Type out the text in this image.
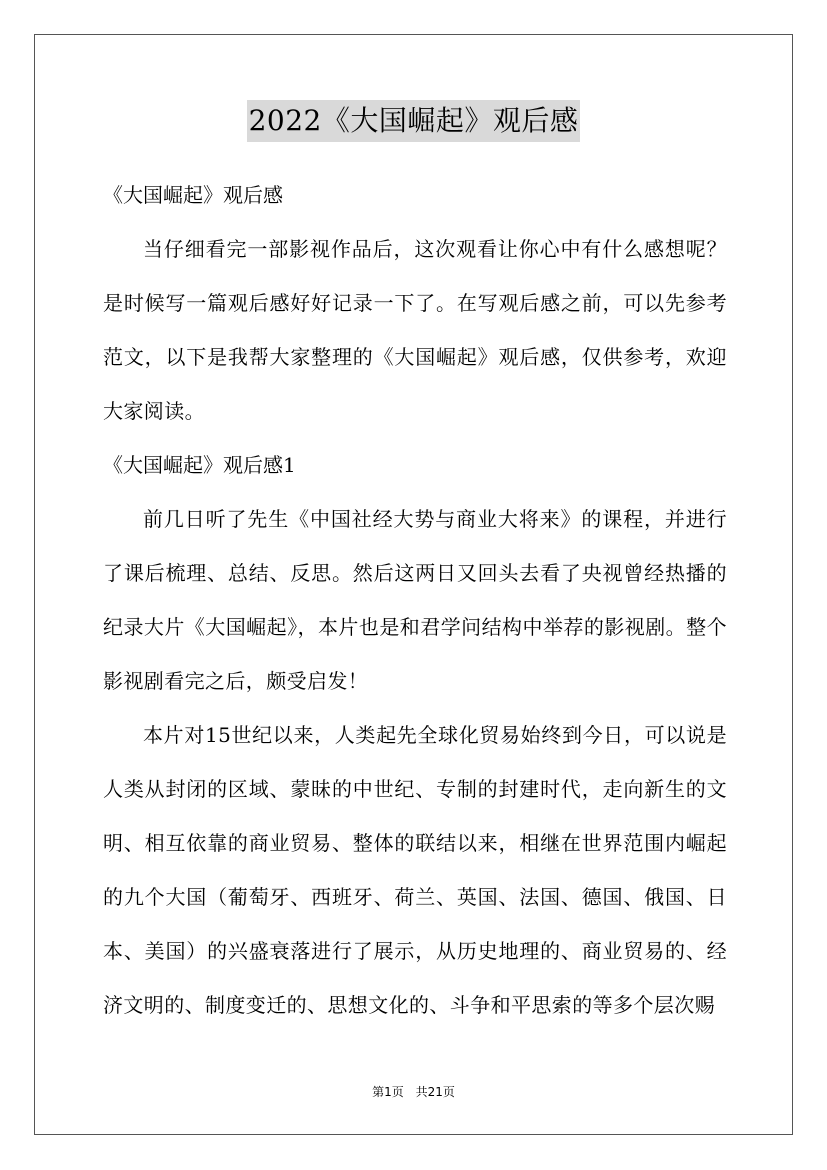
2022《大国崛起》观后感
《大国崛起》观后感

当仔细看完一部影视作品后，这次观看让你心中有什么感想呢？是时候写一篇观后感好好记录一下了。在写观后感之前，可以先参考范文，以下是我帮大家整理的《大国崛起》观后感，仅供参考，欢迎大家阅读。

《大国崛起》观后感1

前几日听了先生《中国社经大势与商业大将来》的课程，并进行了课后梳理、总结、反思。然后这两日又回头去看了央视曾经热播的纪录大片《大国崛起》，本片也是和君学问结构中举荐的影视剧。整个影视剧看完之后，颇受启发！

本片对15世纪以来，人类起先全球化贸易始终到今日，可以说是人类从封闭的区域、蒙昧的中世纪、专制的封建时代，走向新生的文明、相互依靠的商业贸易、整体的联结以来，相继在世界范围内崛起的九个大国（葡萄牙、西班牙、荷兰、英国、法国、德国、俄国、日本、美国）的兴盛衰落进行了展示，从历史地理的、商业贸易的、经济文明的、制度变迁的、思想文化的、斗争和平思索的等多个层次赐

第1页 共21页
